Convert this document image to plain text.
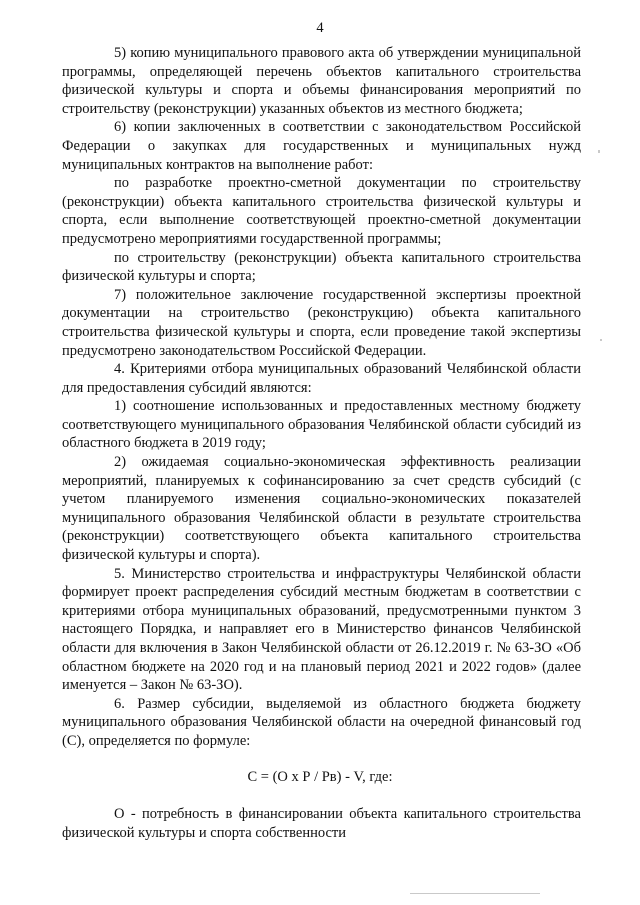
4

5) копию муниципального правового акта об утверждении муниципальной программы, определяющей перечень объектов капитального строительства физической культуры и спорта и объемы финансирования мероприятий по строительству (реконструкции) указанных объектов из местного бюджета;

6) копии заключенных в соответствии с законодательством Российской Федерации о закупках для государственных и муниципальных нужд муниципальных контрактов на выполнение работ:

по разработке проектно-сметной документации по строительству (реконструкции) объекта капитального строительства физической культуры и спорта, если выполнение соответствующей проектно-сметной документации предусмотрено мероприятиями государственной программы;

по строительству (реконструкции) объекта капитального строительства физической культуры и спорта;

7) положительное заключение государственной экспертизы проектной документации на строительство (реконструкцию) объекта капитального строительства физической культуры и спорта, если проведение такой экспертизы предусмотрено законодательством Российской Федерации.

4. Критериями отбора муниципальных образований Челябинской области для предоставления субсидий являются:

1) соотношение использованных и предоставленных местному бюджету соответствующего муниципального образования Челябинской области субсидий из областного бюджета в 2019 году;

2) ожидаемая социально-экономическая эффективность реализации мероприятий, планируемых к софинансированию за счет средств субсидий (с учетом планируемого изменения социально-экономических показателей муниципального образования Челябинской области в результате строительства (реконструкции) соответствующего объекта капитального строительства физической культуры и спорта).

5. Министерство строительства и инфраструктуры Челябинской области формирует проект распределения субсидий местным бюджетам в соответствии с критериями отбора муниципальных образований, предусмотренными пунктом 3 настоящего Порядка, и направляет его в Министерство финансов Челябинской области для включения в Закон Челябинской области от 26.12.2019 г. № 63-ЗО «Об областном бюджете на 2020 год и на плановый период 2021 и 2022 годов» (далее именуется – Закон № 63-ЗО).

6. Размер субсидии, выделяемой из областного бюджета бюджету муниципального образования Челябинской области на очередной финансовый год (С), определяется по формуле:

С = (О х Р / Рв) - V, где:
О - потребность в финансировании объекта капитального строительства физической культуры и спорта собственности
